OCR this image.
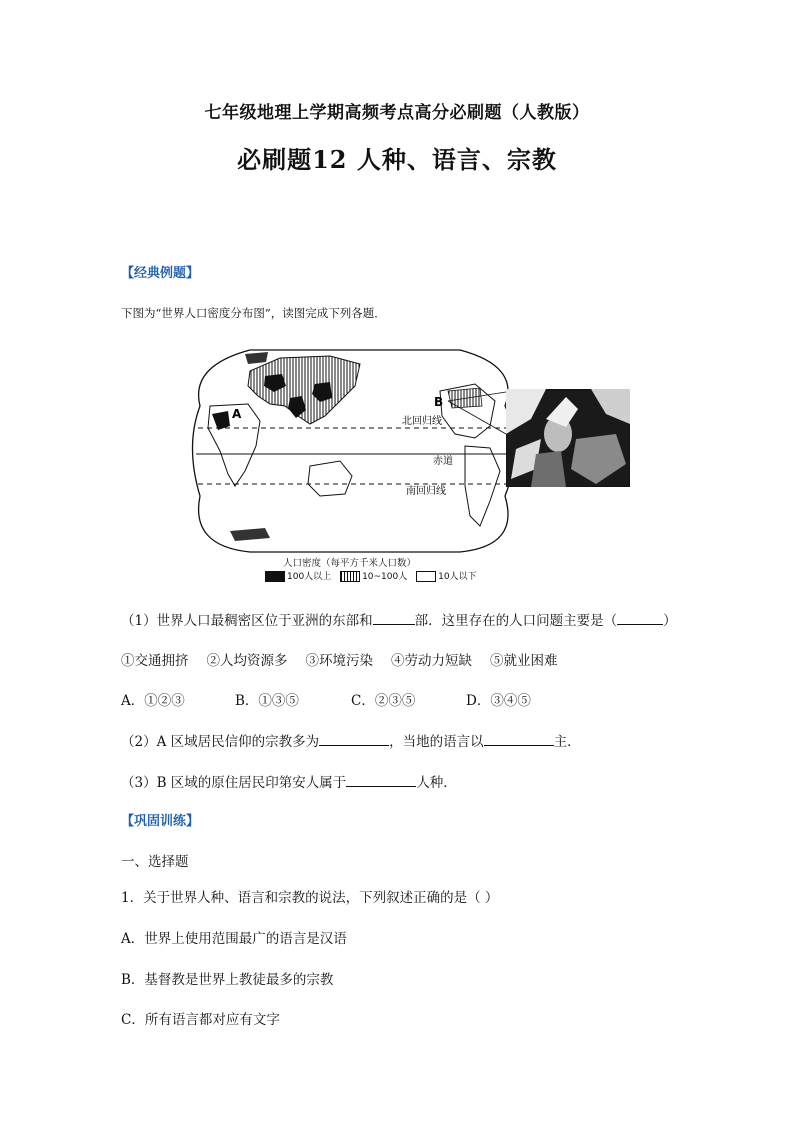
七年级地理上学期高频考点高分必刷题（人教版）
必刷题12 人种、语言、宗教
【经典例题】
下图为“世界人口密度分布图”，读图完成下列各题．
A
B
北回归线
赤道
南回归线
人口密度（每平方千米人口数）
100人以上	10~100人	10人以下
（1）世界人口最稠密区位于亚洲的东部和	部．这里存在的人口问题主要是（	）
①交通拥挤 ②人均资源多 ③环境污染 ④劳动力短缺 ⑤就业困难
A．①②③	B．①③⑤	C．②③⑤	D．③④⑤
（2）A 区域居民信仰的宗教多为	，当地的语言以	主．
（3）B 区域的原住居民印第安人属于	人种．
【巩固训练】
一、选择题
1．关于世界人种、语言和宗教的说法，下列叙述正确的是（ ）
A．世界上使用范围最广的语言是汉语
B．基督教是世界上教徒最多的宗教
C．所有语言都对应有文字
